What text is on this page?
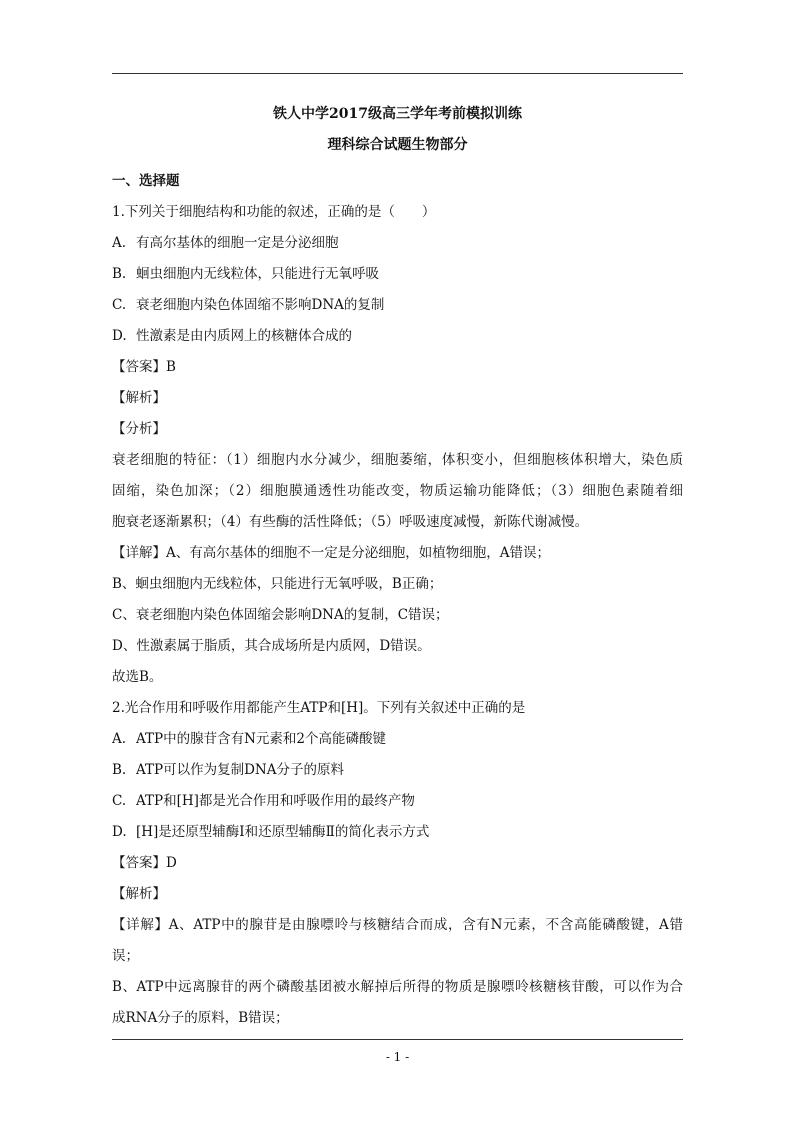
铁人中学2017级高三学年考前模拟训练
理科综合试题生物部分
一、选择题
1.下列关于细胞结构和功能的叙述，正确的是（　　）
A. 有高尔基体的细胞一定是分泌细胞
B. 蛔虫细胞内无线粒体，只能进行无氧呼吸
C. 衰老细胞内染色体固缩不影响DNA的复制
D. 性激素是由内质网上的核糖体合成的
【答案】B
【解析】
【分析】
衰老细胞的特征：（1）细胞内水分减少，细胞萎缩，体积变小，但细胞核体积增大，染色质
固缩，染色加深；（2）细胞膜通透性功能改变，物质运输功能降低；（3）细胞色素随着细
胞衰老逐渐累积；（4）有些酶的活性降低；（5）呼吸速度减慢，新陈代谢减慢。
【详解】A、有高尔基体的细胞不一定是分泌细胞，如植物细胞，A错误；
B、蛔虫细胞内无线粒体，只能进行无氧呼吸，B正确；
C、衰老细胞内染色体固缩会影响DNA的复制，C错误；
D、性激素属于脂质，其合成场所是内质网，D错误。
故选B。
2.光合作用和呼吸作用都能产生ATP和[H]。下列有关叙述中正确的是
A. ATP中的腺苷含有N元素和2个高能磷酸键
B. ATP可以作为复制DNA分子的原料
C. ATP和[H]都是光合作用和呼吸作用的最终产物
D. [H]是还原型辅酶Ⅰ和还原型辅酶Ⅱ的简化表示方式
【答案】D
【解析】
【详解】A、ATP中的腺苷是由腺嘌呤与核糖结合而成，含有N元素，不含高能磷酸键，A错
误；
B、ATP中远离腺苷的两个磷酸基团被水解掉后所得的物质是腺嘌呤核糖核苷酸，可以作为合
成RNA分子的原料，B错误；
- 1 -
